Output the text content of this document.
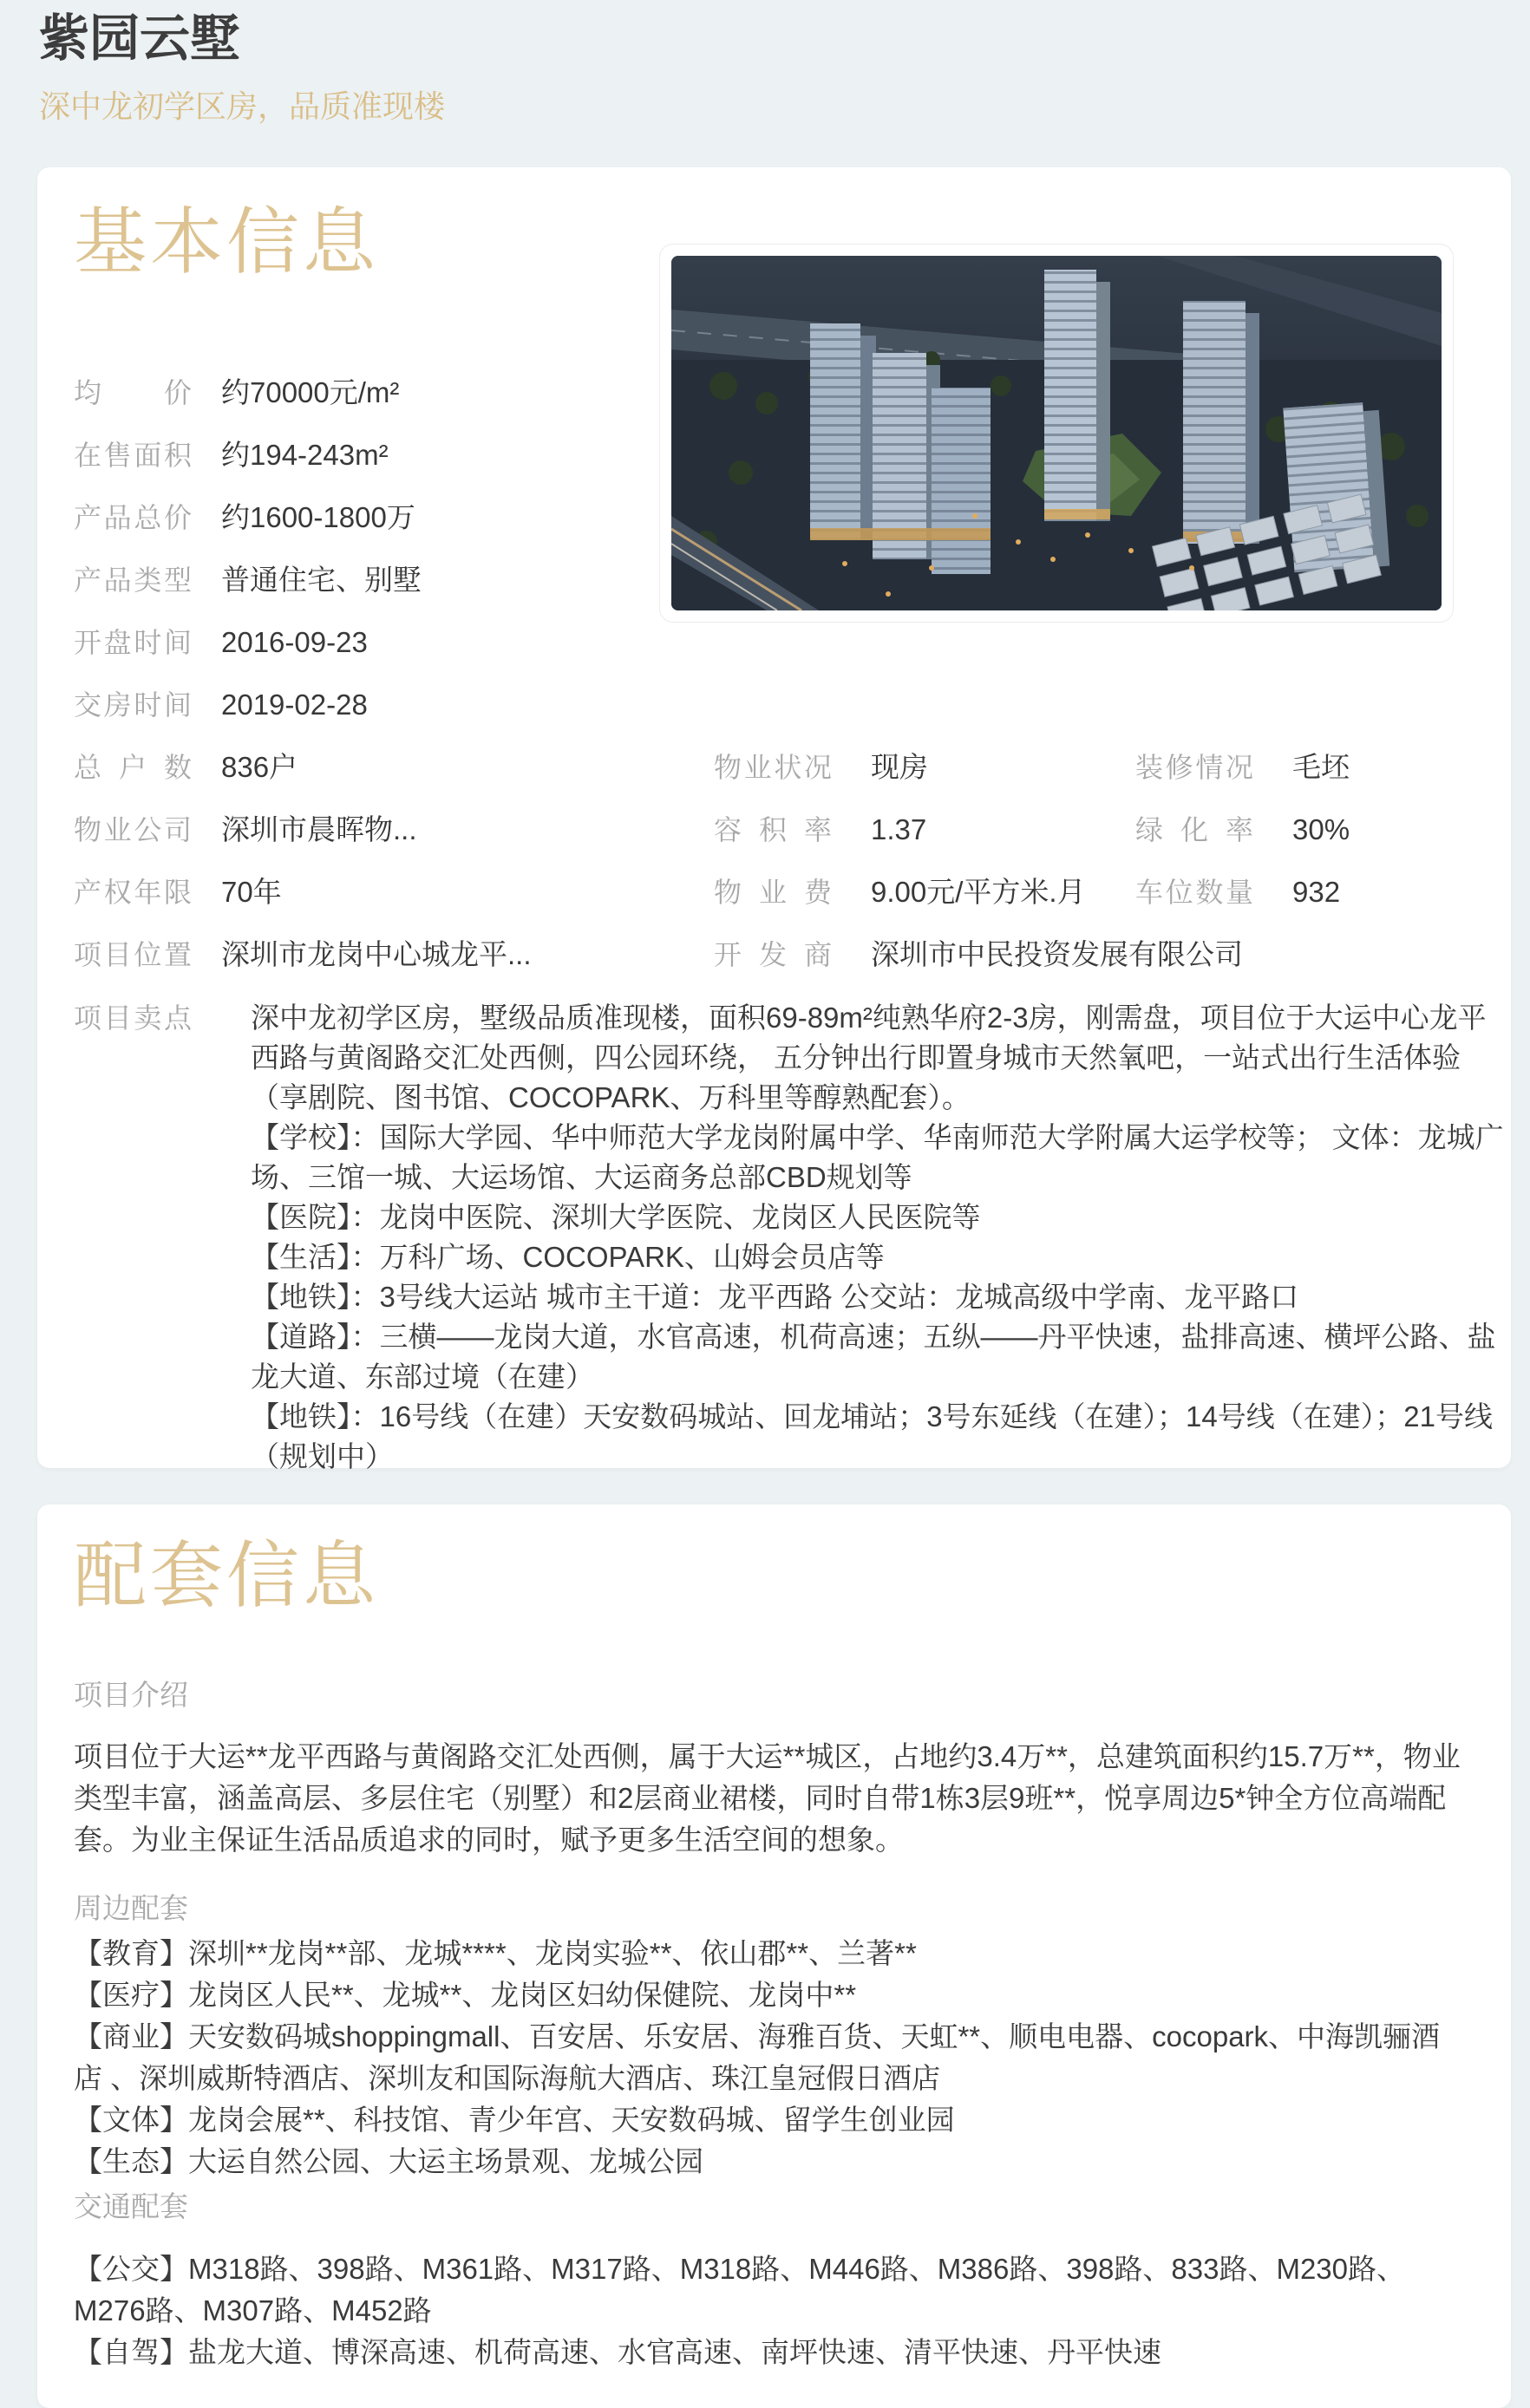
紫园云墅
深中龙初学区房，品质准现楼
基本信息
均价 约70000元/m²
在售面积 约194-243m²
产品总价 约1600-1800万
产品类型 普通住宅、别墅
开盘时间 2016-09-23
交房时间 2019-02-28
总户数 836户
物业公司 深圳市晨晖物...
产权年限 70年
项目位置 深圳市龙岗中心城龙平...
物业状况 现房	装修情况 毛坯
容积率 1.37	绿化率 30%
物业费 9.00元/平方米.月 车位数量 932
开发商 深圳市中民投资发展有限公司
项目卖点 深中龙初学区房，墅级品质准现楼，面积69-89m²纯熟华府2-3房，刚需盘，项目位于大运中心龙平西路与黄阁路交汇处西侧，四公园环绕， 五分钟出行即置身城市天然氧吧，一站式出行生活体验（享剧院、图书馆、COCOPARK、万科里等醇熟配套）。

【学校】：国际大学园、华中师范大学龙岗附属中学、华南师范大学附属大运学校等； 文体：龙城广场、三馆一城、大运场馆、大运商务总部CBD规划等

【医院】：龙岗中医院、深圳大学医院、龙岗区人民医院等

【生活】：万科广场、COCOPARK、山姆会员店等

【地铁】：3号线大运站 城市主干道：龙平西路 公交站：龙城高级中学南、龙平路口

【道路】：三横——龙岗大道，水官高速，机荷高速；五纵——丹平快速，盐排高速、横坪公路、盐龙大道、东部过境（在建）

【地铁】：16号线（在建）天安数码城站、回龙埔站；3号东延线（在建）；14号线（在建）；21号线（规划中）

配套信息
项目介绍
项目位于大运**龙平西路与黄阁路交汇处西侧，属于大运**城区，占地约3.4万**，总建筑面积约15.7万**，物业类型丰富，涵盖高层、多层住宅（别墅）和2层商业裙楼，同时自带1栋3层9班**，悦享周边5*钟全方位高端配套。为业主保证生活品质追求的同时，赋予更多生活空间的想象。
周边配套
【教育】深圳**龙岗**部、龙城****、龙岗实验**、依山郡**、兰著**
【医疗】龙岗区人民**、龙城**、龙岗区妇幼保健院、龙岗中**
【商业】天安数码城shoppingmall、百安居、乐安居、海雅百货、天虹**、顺电电器、cocopark、中海凯骊酒店 、深圳威斯特酒店、深圳友和国际海航大酒店、珠江皇冠假日酒店
【文体】龙岗会展**、科技馆、青少年宫、天安数码城、留学生创业园
【生态】大运自然公园、大运主场景观、龙城公园
交通配套
【公交】M318路、398路、M361路、M317路、M318路、M446路、M386路、398路、833路、M230路、M276路、M307路、M452路
【自驾】盐龙大道、博深高速、机荷高速、水官高速、南坪快速、清平快速、丹平快速
